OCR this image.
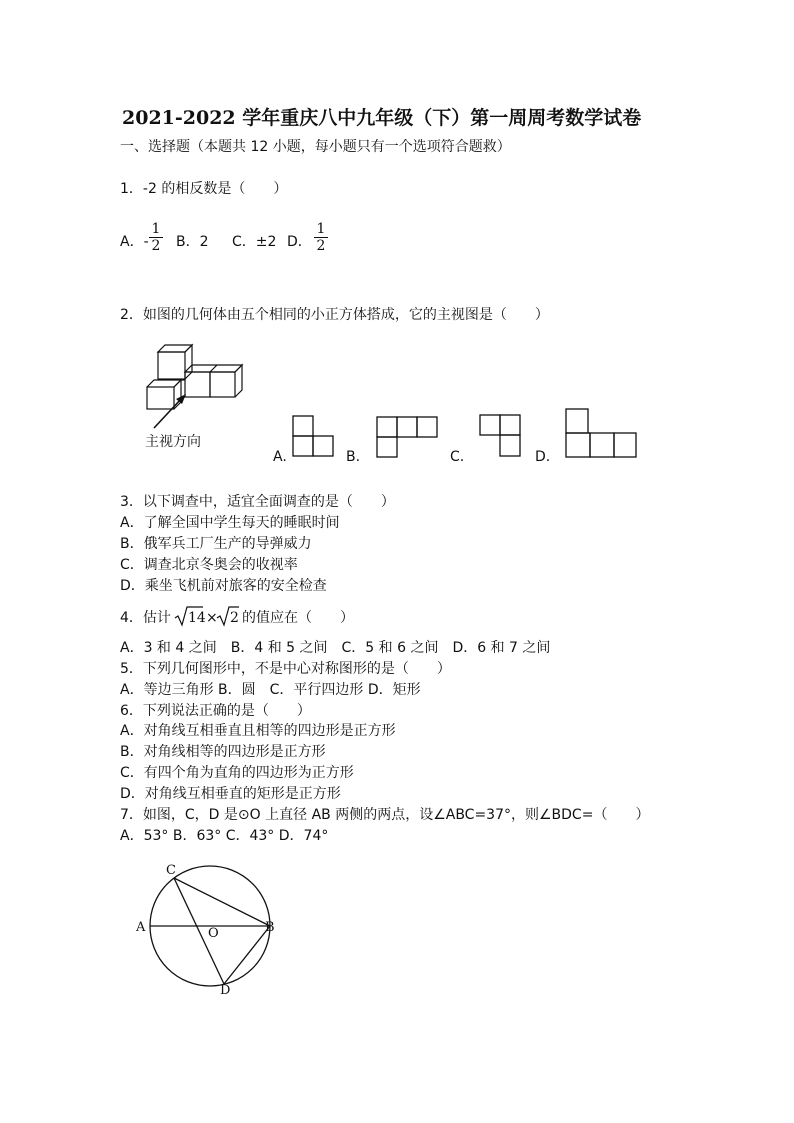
2021-2022 学年重庆八中九年级（下）第一周周考数学试卷
一、选择题（本题共 12 小题，每小题只有一个选项符合题救）
1．-2 的相反数是（　　）
A．-
1
2 B．2 C．±2 D．
1
2
2．如图的几何体由五个相同的小正方体搭成，它的主视图是（　　）
主视方向
A.	B.	C.	D.
3．以下调查中，适宜全面调查的是（　　）
A．了解全国中学生每天的睡眠时间
B．俄军兵工厂生产的导弹威力
C．调查北京冬奥会的收视率
D．乘坐飞机前对旅客的安全检查
4．估计 14 × 2 的值应在（　　）
A．3 和 4 之间　B．4 和 5 之间　C．5 和 6 之间　D．6 和 7 之间
5．下列几何图形中，不是中心对称图形的是（　　）
A．等边三角形 B．圆　C．平行四边形 D．矩形
6．下列说法正确的是（　　）
A．对角线互相垂直且相等的四边形是正方形
B．对角线相等的四边形是正方形
C．有四个角为直角的四边形为正方形
D．对角线互相垂直的矩形是正方形
7．如图，C，D 是⊙O 上直径 AB 两侧的两点，设∠ABC=37°，则∠BDC=（　　）
A．53° B．63° C．43° D．74°
C
A	B
O
D
